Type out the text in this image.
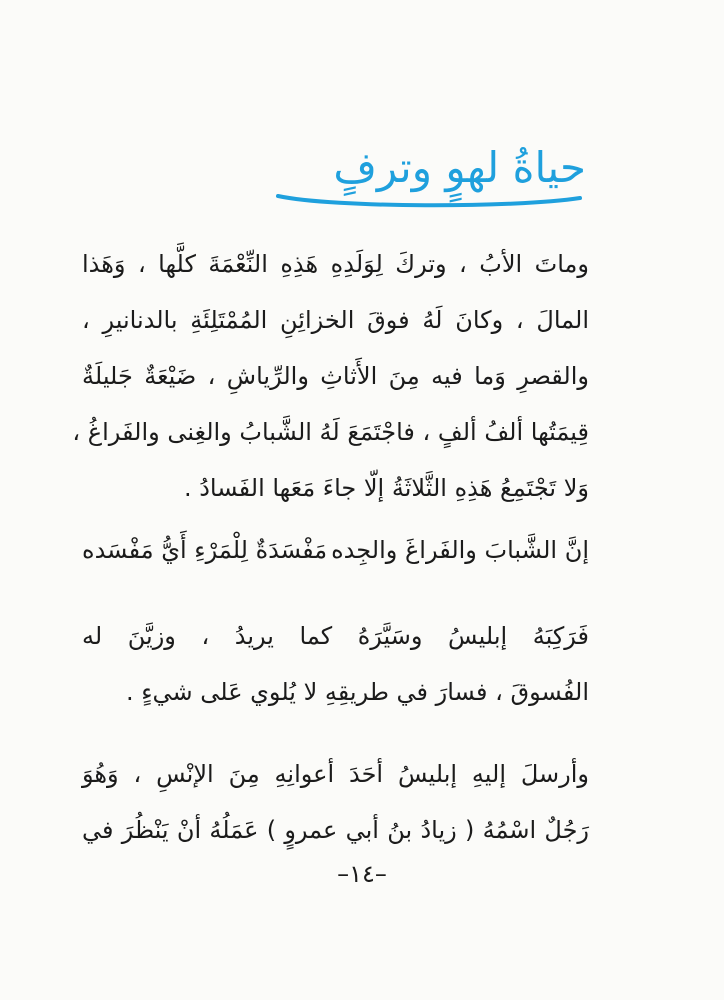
حياةُ لهوٍ وترفٍ
وماتَ الأبُ ، وتركَ لِوَلَدِهِ هَذِهِ النِّعْمَةَ كلَّها ، وَهَذا
المالَ ، وكانَ لَهُ فوقَ الخزائِنِ المُمْتَلِئَةِ بالدنانيرِ ،
والقصرِ وَما فيه مِنَ الأَثاثِ والرِّياشِ ، ضَيْعَةٌ جَليلَةٌ
قِيمَتُها ألفُ ألفٍ ، فاجْتَمَعَ لَهُ الشَّبابُ والغِنى والفَراغُ ،
وَلا تَجْتَمِعُ هَذِهِ الثَّلاثَةُ إلّا جاءَ مَعَها الفَسادُ .
إنَّ الشَّبابَ والفَراغَ والجِده
مَفْسَدَةٌ لِلْمَرْءِ أَيُّ مَفْسَده
فَرَكِبَهُ إبليسُ وسَيَّرَهُ كما يريدُ ، وزيَّنَ له
الفُسوقَ ، فسارَ في طريقِهِ لا يُلوي عَلى شيءٍ .
وأرسلَ إليهِ إبليسُ أحَدَ أعوانِهِ مِنَ الإنْسِ ، وَهُوَ
رَجُلٌ اسْمُهُ ( زيادُ بنُ أبي عمروٍ ) عَمَلُهُ أنْ يَنْظُرَ في
–١٤–
